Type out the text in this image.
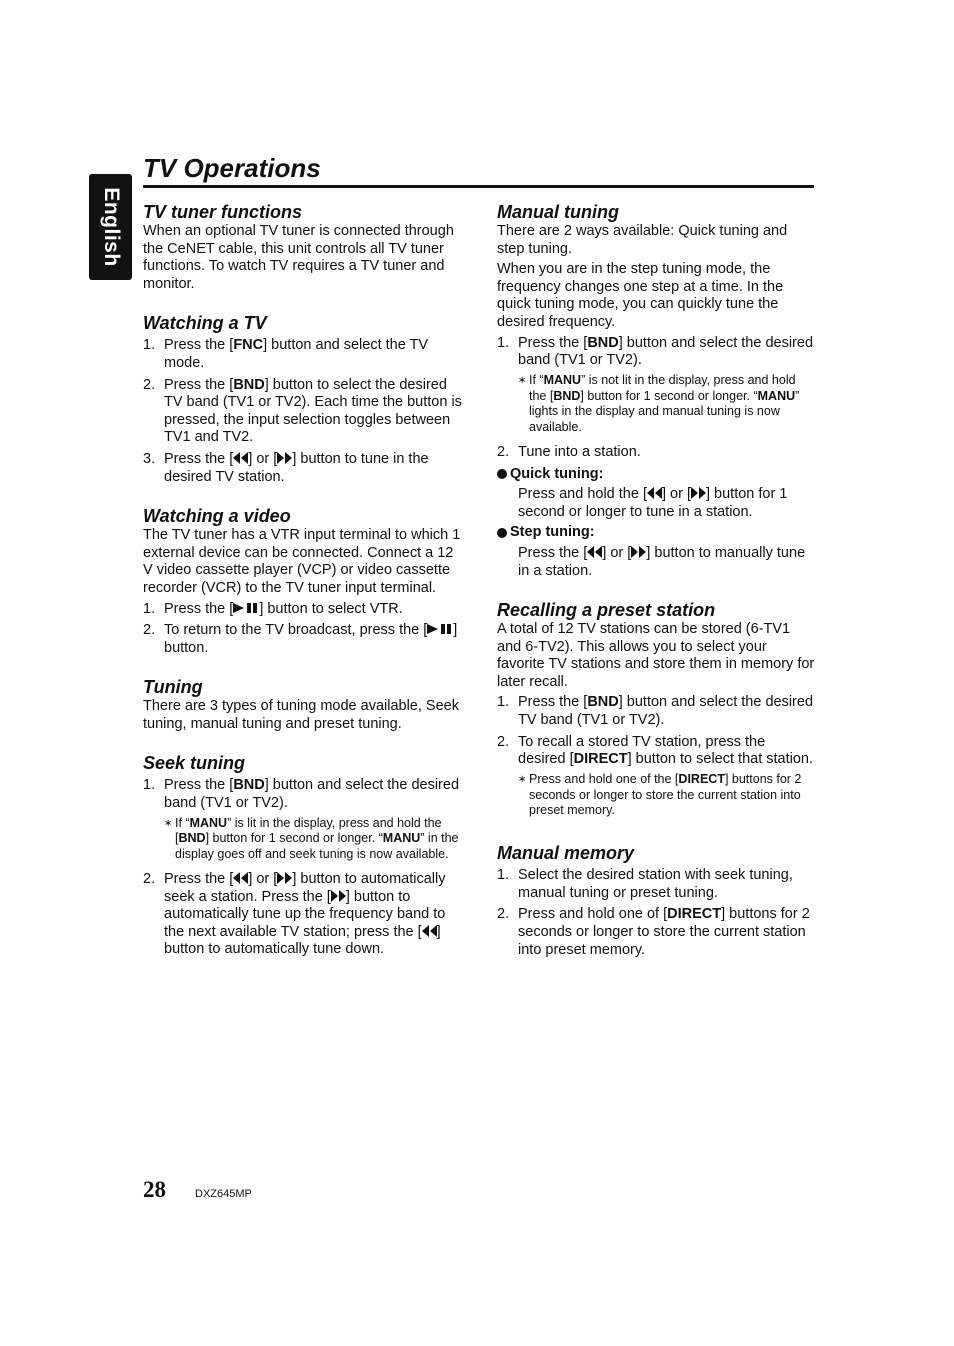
English
TV Operations
TV tuner functions

When an optional TV tuner is connected through the CeNET cable, this unit controls all TV tuner functions. To watch TV requires a TV tuner and monitor.

Watching a TV
1. Press the [FNC] button and select the TV mode.
2. Press the [BND] button to select the desired TV band (TV1 or TV2). Each time the button is pressed, the input selection toggles between TV1 and TV2.
3. Press the [ ] or [ ] button to tune in the desired TV station.
Watching a video

The TV tuner has a VTR input terminal to which 1 external device can be connected. Connect a 12 V video cassette player (VCP) or video cassette recorder (VCR) to the TV tuner input terminal.

1. Press the [ ] button to select VTR.
2. To return to the TV broadcast, press the [ ] button.
Tuning

There are 3 types of tuning mode available, Seek tuning, manual tuning and preset tuning.

Seek tuning
1. Press the [BND] button and select the desired band (TV1 or TV2).
∗ If “MANU” is lit in the display, press and hold the [BND] button for 1 second or longer. “MANU” in the display goes off and seek tuning is now available.
2. Press the [ ] or [ ] button to automatically seek a station. Press the [ ] button to automatically tune up the frequency band to the next available TV station; press the [ ] button to automatically tune down.
Manual tuning

There are 2 ways available: Quick tuning and step tuning.

When you are in the step tuning mode, the frequency changes one step at a time. In the quick tuning mode, you can quickly tune the desired frequency.

1. Press the [BND] button and select the desired band (TV1 or TV2).
∗ If “MANU” is not lit in the display, press and hold the [BND] button for 1 second or longer. “MANU” lights in the display and manual tuning is now available.
2. Tune into a station.
Quick tuning:

Press and hold the [ ] or [ ] button for 1 second or longer to tune in a station.

Step tuning:

Press the [ ] or [ ] button to manually tune in a station.

Recalling a preset station

A total of 12 TV stations can be stored (6-TV1 and 6-TV2). This allows you to select your favorite TV stations and store them in memory for later recall.

1. Press the [BND] button and select the desired TV band (TV1 or TV2).
2. To recall a stored TV station, press the desired [DIRECT] button to select that station.
∗ Press and hold one of the [DIRECT] buttons for 2 seconds or longer to store the current station into preset memory.
Manual memory
1. Select the desired station with seek tuning, manual tuning or preset tuning.
2. Press and hold one of [DIRECT] buttons for 2 seconds or longer to store the current station into preset memory.
28	DXZ645MP
